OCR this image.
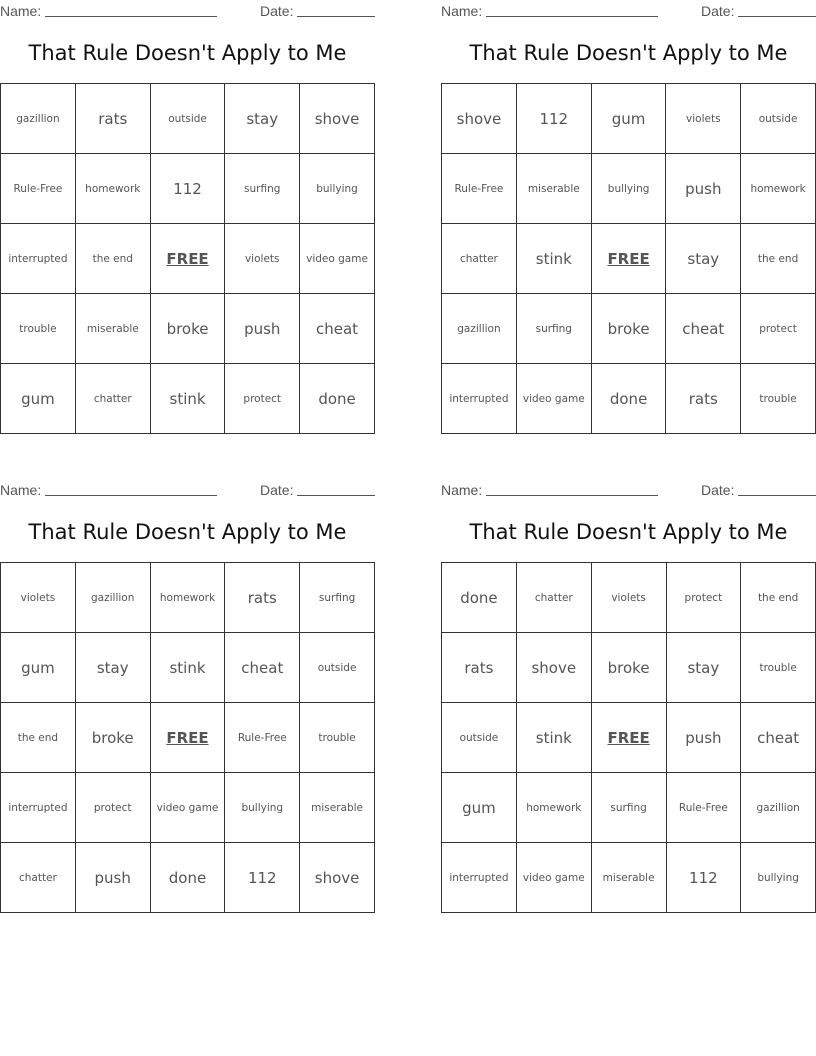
Name:	Date:
That Rule Doesn't Apply to Me
gazillion	rats	outside	stay	shove
Rule-Free	homework	112	surfing	bullying
interrupted	the end	FREE	violets	video game
trouble	miserable	broke	push	cheat
gum	chatter	stink	protect	done
Name:	Date:
That Rule Doesn't Apply to Me
shove	112	gum	violets	outside
Rule-Free	miserable	bullying	push	homework
chatter	stink	FREE	stay	the end
gazillion	surfing	broke	cheat	protect
interrupted	video game	done	rats	trouble
Name:	Date:
That Rule Doesn't Apply to Me
violets	gazillion	homework	rats	surfing
gum	stay	stink	cheat	outside
the end	broke	FREE	Rule-Free	trouble
interrupted	protect	video game	bullying	miserable
chatter	push	done	112	shove
Name:	Date:
That Rule Doesn't Apply to Me
done	chatter	violets	protect	the end
rats	shove	broke	stay	trouble
outside	stink	FREE	push	cheat
gum	homework	surfing	Rule-Free	gazillion
interrupted	video game	miserable	112	bullying
